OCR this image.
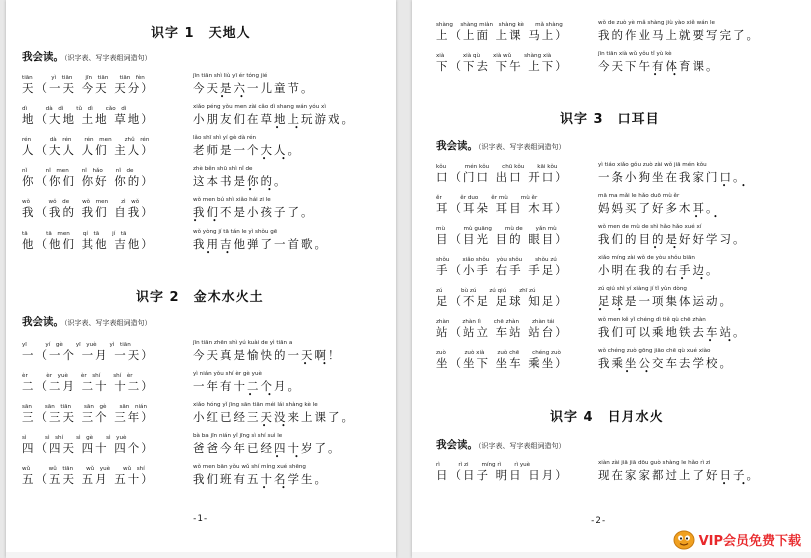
识字 1　天地人
我会读。（识字表、写字表组词造句）
tiān　　　 yì　tiān　　 jīn　tiān　　tiān　fèn
天（一天 今天 天分）
jīn tiān shì liù yī ér tóng jié
今天是六一儿童节。
• •
dì　　　 dà　dì　　 tǔ　dì　　 cǎo　dì
地（大地 土地 草地）
xiǎo péng yǒu men zài cǎo dì shang wán yóu xì
小朋友们在草地上玩游戏。
• •
rén　　　 dà　rén　　 rén　men　　 zhǔ　rén
人（大人 人们 主人）
lǎo shī shì yí gè dà rén
老师是一个大人。
• •
nǐ　　　 nǐ　men　　 nǐ　hǎo　　 nǐ　de
你（你们 你好 你的）
zhè běn shū shì nǐ de
这本书是你的。
• •
wǒ　　　 wǒ　de　　 wǒ　men　　 zì　wǒ
我（我的 我们 自我）
wǒ men bú shì xiǎo hái zi le
我们不是小孩子了。
• •
tā　　　 tā　men　　 qí　tā　　 jí　tā
他（他们 其他 吉他）
wǒ yòng jí tā tán le yì shǒu gē
我用吉他弹了一首歌。
• •
识字 2　金木水火土
我会读。（识字表、写字表组词造句）
yī　　　 yí　gè　　 yī　yuè　　 yì　tiān
一（一个 一月 一天）
jīn tiān zhēn shì yú kuài de yì tiān a
今天真是愉快的一天啊！
• •
èr　　　 èr　yuè　　 èr　shí　　 shí　èr
二（二月 二十 十二）
yì nián yǒu shí èr gè yuè
一年有十二个月。
• •
sān　　 sān　tiān　　 sān　gè　　 sān　nián
三（三天 三个 三年）
xiǎo hóng yǐ jīng sān tiān méi lái shàng kè le
小红已经三天没来上课了。
• •
sì　　　 sì　shí　　 sì　gè　　 sì　yuè
四（四天 四十 四个）
bà ba jīn nián yǐ jīng sì shí suì le
爸爸今年已经四十岁了。
• •
wǔ　　　 wǔ　tiān　　 wǔ　yuè　　 wǔ　shí
五（五天 五月 五十）
wǒ men bān yǒu wǔ shí míng xué shēng
我们班有五十名学生。
• •
-1-
shàng　 shàng miàn　shàng kè　　mǎ shàng
上（上面 上课 马上）
wǒ de zuò yè mǎ shàng jiù yào xiě wán le
我的作业马上就要写完了。
xià　　　 xià qù　　 xià wǔ　　 shàng xià
下（下去 下午 上下）
jīn tiān xià wǔ yǒu tǐ yù kè
今天下午有体育课。
• •
识字 3　口耳目
我会读。（识字表、写字表组词造句）
kǒu　　　 mén kǒu　　 chū kǒu　　 kāi kǒu
口（门口 出口 开口）
yì tiáo xiǎo gǒu zuò zài wǒ jiā mén kǒu
一条小狗坐在我家门口。
• •
ěr　　　 ěr duo　　 ěr mù　　 mù ěr
耳（耳朵 耳目 木耳）
mā ma mǎi le hǎo duō mù ěr
妈妈买了好多木耳。
• •
mù　　　 mù guāng　　 mù de　　 yǎn mù
目（目光 目的 眼目）
wǒ men de mù de shì hǎo hǎo xué xí
我们的目的是好好学习。
• •
shǒu　　 xiǎo shǒu　 yòu shǒu　　 shǒu zú
手（小手 右手 手足）
xiǎo míng zài wǒ de yòu shǒu biān
小明在我的右手边。
• •
zú　　　 bù zú　　 zú qiú　　 zhī zú
足（不足 足球 知足）
zú qiú shì yí xiàng jí tǐ yùn dòng
足球是一项集体运动。
• •
zhàn　　 zhàn lì　　 chē zhàn　　 zhàn tái
站（站立 车站 站台）
wǒ men kě yǐ chéng dì tiě qù chē zhàn
我们可以乘地铁去车站。
• •
zuò　　　 zuò xià　　 zuò chē　　 chéng zuò
坐（坐下 坐车 乘坐）
wǒ chéng zuò gōng jiāo chē qù xué xiào
我乘坐公交车去学校。
• •
识字 4　日月水火
我会读。（识字表、写字表组词造句）
rì　　　 rì zi　　 míng rì　　 rì yuè
日（日子 明日 日月）
xiàn zài jiā jiā dōu guò shàng le hǎo rì zi
现在家家都过上了好日子。
• •
-2-
VIP会员免费下载
